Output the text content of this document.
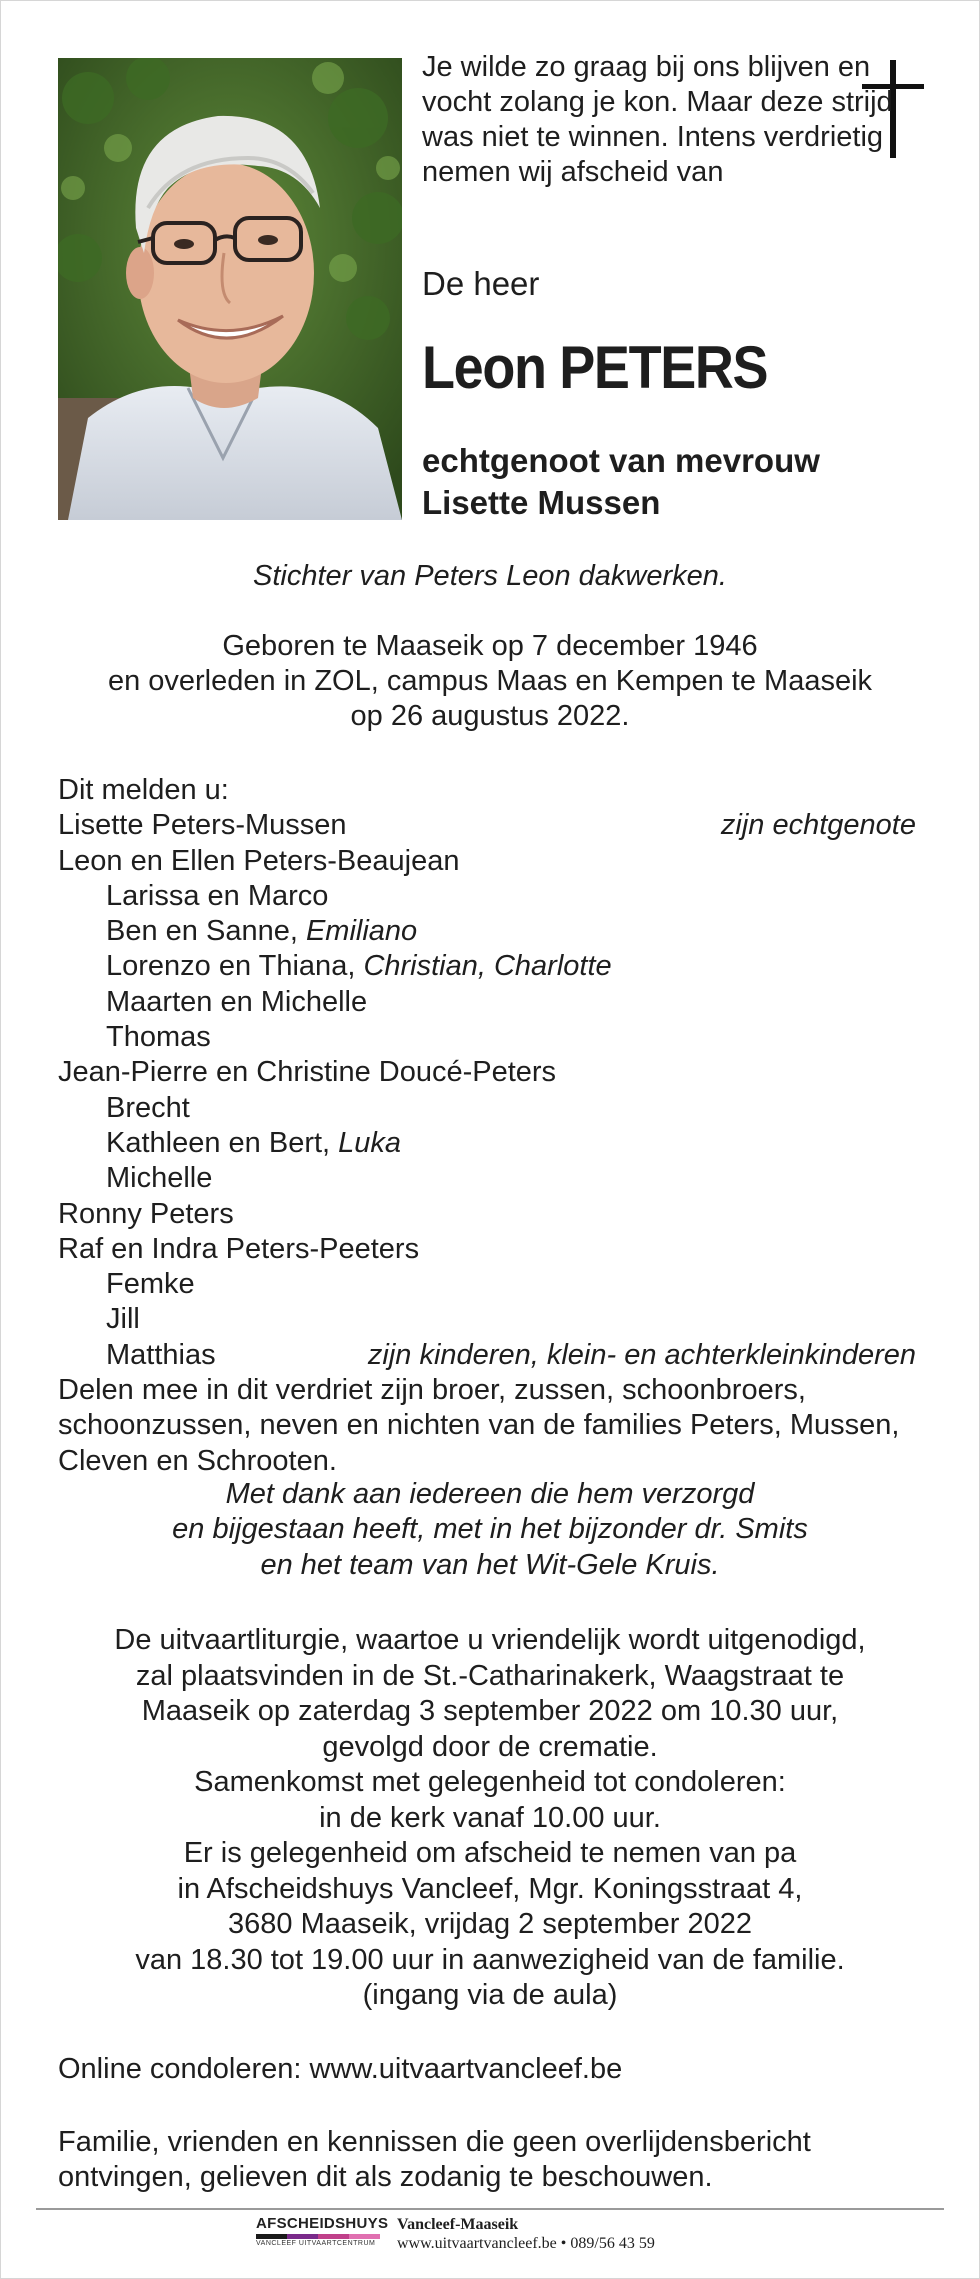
Je wilde zo graag bij ons blijven en vocht zolang je kon. Maar deze strijd was niet te winnen. Intens verdrietig nemen wij afscheid van

De heer

Leon PETERS

echtgenoot van mevrouw
Lisette Mussen

Stichter van Peters Leon dakwerken.

Geboren te Maaseik op 7 december 1946
en overleden in ZOL, campus Maas en Kempen te Maaseik
op 26 augustus 2022.
Dit melden u:
Lisette Peters-Mussen	zijn echtgenote
Leon en Ellen Peters-Beaujean
Larissa en Marco
Ben en Sanne, Emiliano
Lorenzo en Thiana, Christian, Charlotte
Maarten en Michelle
Thomas
Jean-Pierre en Christine Doucé-Peters
Brecht
Kathleen en Bert, Luka
Michelle
Ronny Peters
Raf en Indra Peters-Peeters
Femke
Jill
Matthias	zijn kinderen, klein- en achterkleinkinderen

Delen mee in dit verdriet zijn broer, zussen, schoonbroers, schoonzussen, neven en nichten van de families Peters, Mussen, Cleven en Schrooten.

Met dank aan iedereen die hem verzorgd
en bijgestaan heeft, met in het bijzonder dr. Smits
en het team van het Wit-Gele Kruis.
De uitvaartliturgie, waartoe u vriendelijk wordt uitgenodigd,
zal plaatsvinden in de St.-Catharinakerk, Waagstraat te
Maaseik op zaterdag 3 september 2022 om 10.30 uur,
gevolgd door de crematie.
Samenkomst met gelegenheid tot condoleren:
in de kerk vanaf 10.00 uur.
Er is gelegenheid om afscheid te nemen van pa
in Afscheidshuys Vancleef, Mgr. Koningsstraat 4,
3680 Maaseik, vrijdag 2 september 2022
van 18.30 tot 19.00 uur in aanwezigheid van de familie.
(ingang via de aula)

Online condoleren: www.uitvaartvancleef.be

Familie, vrienden en kennissen die geen overlijdensbericht ontvingen, gelieven dit als zodanig te beschouwen.

AFSCHEIDSHUYS
VANCLEEF UITVAARTCENTRUM
Vancleef-Maaseik
www.uitvaartvancleef.be • 089/56 43 59
